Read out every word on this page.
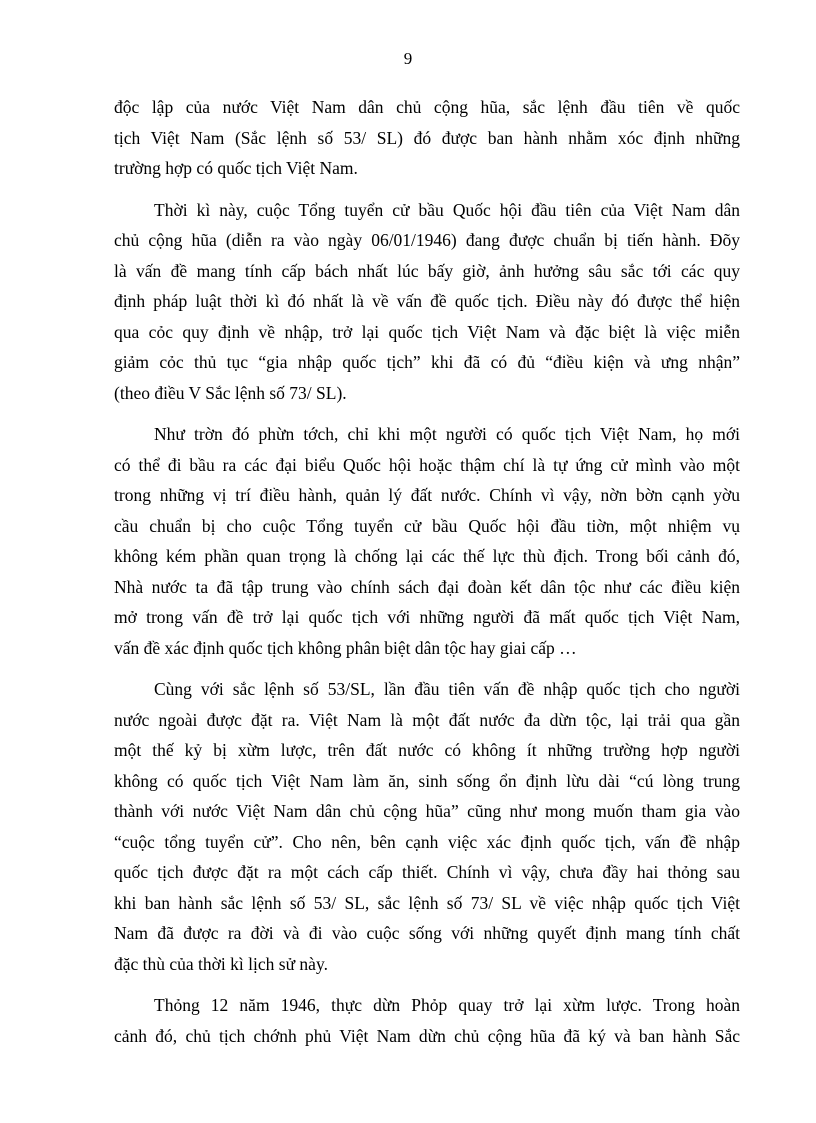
9
độc lập của nước Việt Nam dân chủ cộng hũa, sắc lệnh đầu tiên về quốc
tịch Việt Nam (Sắc lệnh số 53/ SL) đó được ban hành nhằm xóc định những
trường hợp có quốc tịch Việt Nam.
Thời kì này, cuộc Tổng tuyển cử bầu Quốc hội đầu tiên của Việt Nam dân
chủ cộng hũa (diễn ra vào ngày 06/01/1946) đang được chuẩn bị tiến hành. Đõy
là vấn đề mang tính cấp bách nhất lúc bấy giờ, ảnh hưởng sâu sắc tới các quy
định pháp luật thời kì đó nhất là về vấn đề quốc tịch. Điều này đó được thể hiện
qua cỏc quy định về nhập, trở lại quốc tịch Việt Nam và đặc biệt là việc miễn
giảm cỏc thủ tục “gia nhập quốc tịch” khi đã có đủ “điều kiện và ưng nhận”
(theo điều V Sắc lệnh số 73/ SL).
Như trờn đó phừn tớch, chỉ khi một người có quốc tịch Việt Nam, họ mới
có thể đi bầu ra các đại biểu Quốc hội hoặc thậm chí là tự ứng cử mình vào một
trong những vị trí điều hành, quản lý đất nước. Chính vì vậy, nờn bờn cạnh yờu
cầu chuẩn bị cho cuộc Tổng tuyển cử bầu Quốc hội đầu tiờn, một nhiệm vụ
không kém phần quan trọng là chống lại các thế lực thù địch. Trong bối cảnh đó,
Nhà nước ta đã tập trung vào chính sách đại đoàn kết dân tộc như các điều kiện
mở trong vấn đề trở lại quốc tịch với những người đã mất quốc tịch Việt Nam,
vấn đề xác định quốc tịch không phân biệt dân tộc hay giai cấp …
Cùng với sắc lệnh số 53/SL, lần đầu tiên vấn đề nhập quốc tịch cho người
nước ngoài được đặt ra. Việt Nam là một đất nước đa dừn tộc, lại trải qua gần
một thế kỷ bị xừm lược, trên đất nước có không ít những trường hợp người
không có quốc tịch Việt Nam làm ăn, sinh sống ổn định lừu dài “cú lòng trung
thành với nước Việt Nam dân chủ cộng hũa” cũng như mong muốn tham gia vào
“cuộc tổng tuyển cử”. Cho nên, bên cạnh việc xác định quốc tịch, vấn đề nhập
quốc tịch được đặt ra một cách cấp thiết. Chính vì vậy, chưa đầy hai thỏng sau
khi ban hành sắc lệnh số 53/ SL, sắc lệnh số 73/ SL về việc nhập quốc tịch Việt
Nam đã được ra đời và đi vào cuộc sống với những quyết định mang tính chất
đặc thù của thời kì lịch sử này.
Thỏng 12 năm 1946, thực dừn Phỏp quay trở lại xừm lược. Trong hoàn
cảnh đó, chủ tịch chớnh phủ Việt Nam dừn chủ cộng hũa đã ký và ban hành Sắc
